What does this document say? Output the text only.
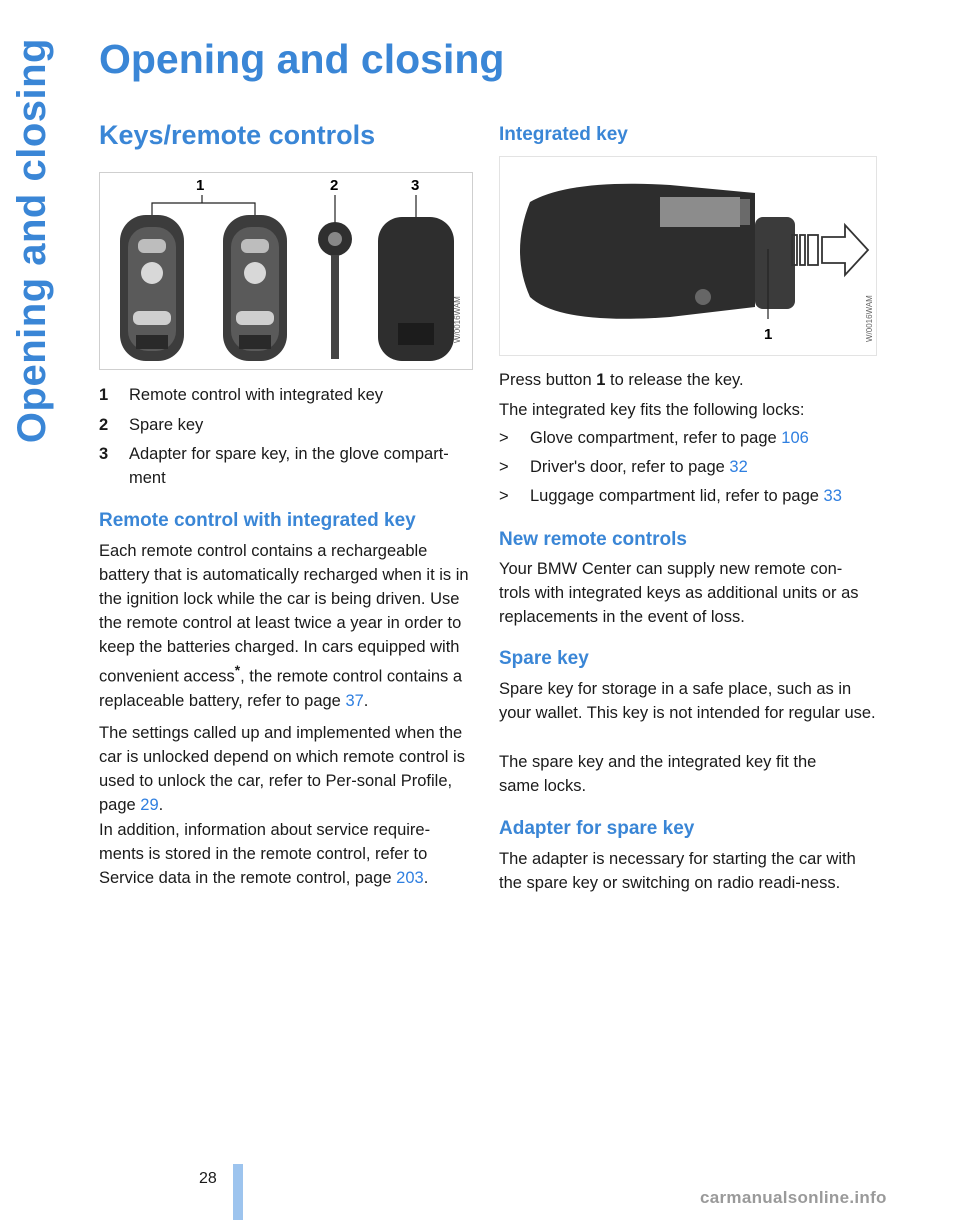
Opening and closing Opening and closing
Keys/remote controls
1	2	3
W/0016WAM
1 Remote control with integrated key
2 Spare key
3 Adapter for spare key, in the glove compart-ment
Remote control with integrated key

Each remote control contains a rechargeable battery that is automatically recharged when it is in the ignition lock while the car is being driven. Use the remote control at least twice a year in order to keep the batteries charged. In cars equipped with convenient access*, the remote control contains a replaceable battery, refer to page 37.

The settings called up and implemented when the car is unlocked depend on which remote control is used to unlock the car, refer to Per-sonal Profile, page 29.

In addition, information about service require-ments is stored in the remote control, refer to Service data in the remote control, page 203.

Integrated key
1	W/0016WAM

Press button 1 to release the key.

The integrated key fits the following locks:

> Glove compartment, refer to page 106
> Driver's door, refer to page 32
> Luggage compartment lid, refer to page 33
New remote controls

Your BMW Center can supply new remote con-trols with integrated keys as additional units or as replacements in the event of loss.

Spare key

Spare key for storage in a safe place, such as in your wallet. This key is not intended for regular use.

The spare key and the integrated key fit the same locks.

Adapter for spare key

The adapter is necessary for starting the car with the spare key or switching on radio readi-ness.

28
carmanualsonline.info
